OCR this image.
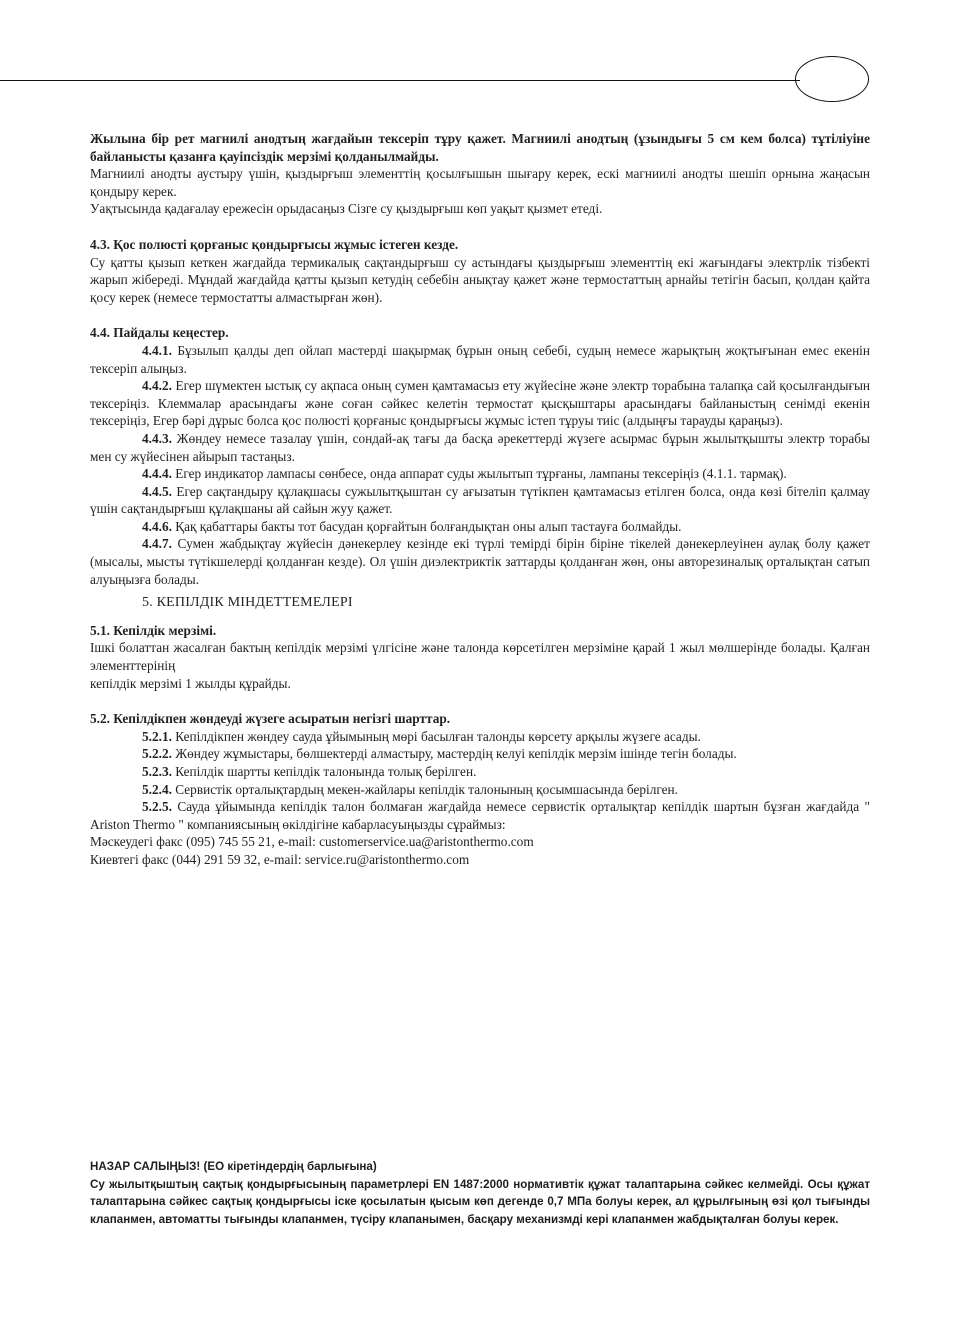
Жылына бір рет магнилі анодтың жағдайын тексеріп тұру қажет. Магниилі анодтың (ұзындығы 5 см кем болса) тұтіліуіне байланысты қазанға қауіпсіздік мерзімі қолданылмайды.

Магниилі анодты аустыру үшін, қыздырғыш элементтің қосылғышын шығару керек, ескі магниилі анодты шешіп орнына жаңасын қондыру керек.

Уақтысында қадағалау ережесін орыдасаңыз Сізге су қыздырғыш көп уақыт қызмет етеді.

4.3. Қос полюсті қорғаныс қондырғысы жұмыс істеген кезде.

Су қатты қызып кеткен жағдайда термикалық сақтандырғыш су астындағы қыздырғыш элементтің екі жағындағы электрлік тізбекті жарып жібереді. Мұндай жағдайда қатты қызып кетудің себебін анықтау қажет және термостаттың арнайы тетігін басып, қолдан қайта қосу керек (немесе термостатты алмастырған жөн).

4.4. Пайдалы кеңестер.

4.4.1. Бұзылып қалды деп ойлап мастерді шақырмақ бұрын оның себебі, судың немесе жарықтың жоқтығынан емес екенін тексеріп алыңыз.

4.4.2. Егер шүмектен ыстық су ақпаса оның сумен қамтамасыз ету жүйесіне және электр торабына талапқа сай қосылғандығын тексеріңіз. Клеммалар арасындағы және соған сәйкес келетін термостат қысқыштары арасындағы байланыстың сенімді екенін тексеріңіз, Егер бәрі дұрыс болса қос полюсті қорғаныс қондырғысы жұмыс істеп тұруы тиіс (алдыңғы тарауды қараңыз).

4.4.3. Жөндеу немесе тазалау үшін, сондай-ақ тағы да басқа әрекеттерді жүзеге асырмас бұрын жылытқышты электр торабы мен су жүйесінен айырып тастаңыз.

4.4.4. Егер индикатор лампасы сөнбесе, онда аппарат суды жылытып тұрғаны, лампаны тексеріңіз (4.1.1. тармақ).

4.4.5. Егер сақтандыру құлақшасы сужылытқыштан су ағызатын түтікпен қамтамасыз етілген болса, онда көзі бітеліп қалмау үшін сақтандырғыш құлақшаны ай сайын жуу қажет.

4.4.6. Қақ қабаттары бакты тот басудан қорғайтын болғандықтан оны алып тастауға болмайды.

4.4.7. Сумен жабдықтау жүйесін дәнекерлеу кезінде екі түрлі темірді бірін біріне тікелей дәнекерлеуінен аулақ болу қажет (мысалы, мысты түтікшелерді қолданған кезде). Ол үшін диэлектриктік заттарды қолданған жөн, оны авторезиналық орталықтан сатып алуыңызға болады.

5. КЕПІЛДІК МІНДЕТТЕМЕЛЕРІ

5.1. Кепілдік мерзімі.

Ішкі болаттан жасалған бактың кепілдік мерзімі үлгісіне және талонда көрсетілген мерзіміне қарай 1 жыл мөлшерінде болады. Қалған элементтерінің

кепілдік мерзімі 1 жылды құрайды.

5.2. Кепілдікпен жөндеуді жүзеге асыратын негізгі шарттар.

5.2.1. Кепілдікпен жөндеу сауда ұйымының мөрі басылған талонды көрсету арқылы жүзеге асады.

5.2.2. Жөндеу жұмыстары, бөлшектерді алмастыру, мастердің келуі кепілдік мерзім ішінде тегін болады.

5.2.3. Кепілдік шартты кепілдік талонында толық берілген.

5.2.4. Сервистік орталықтардың мекен-жайлары кепілдік талонының қосымшасында берілген.

5.2.5. Сауда ұйымында кепілдік талон болмаған жағдайда немесе сервистік орталықтар кепілдік шартын бұзған жағдайда " Ariston Thermo " компаниясының өкілдігіне кабарласуыңызды сұраймыз:

Мәскеудегі факс (095) 745 55 21, e-mail: customerservice.ua@aristonthermo.com

Киевтегі факс (044) 291 59 32, e-mail: service.ru@aristonthermo.com

НАЗАР САЛЫҢЫЗ! (ЕО кіретіндердің барлығына)

Су жылытқыштың сақтық қондырғысының параметрлері EN 1487:2000 нормативтік құжат талаптарына сәйкес келмейді. Осы құжат талаптарына сәйкес сақтық қондырғысы іске қосылатын қысым көп дегенде 0,7 МПа болуы керек, ал құрылғының өзі қол тығынды клапанмен, автоматты тығынды клапанмен, түсіру клапанымен, басқару механизмді кері клапанмен жабдықталған болуы керек.
